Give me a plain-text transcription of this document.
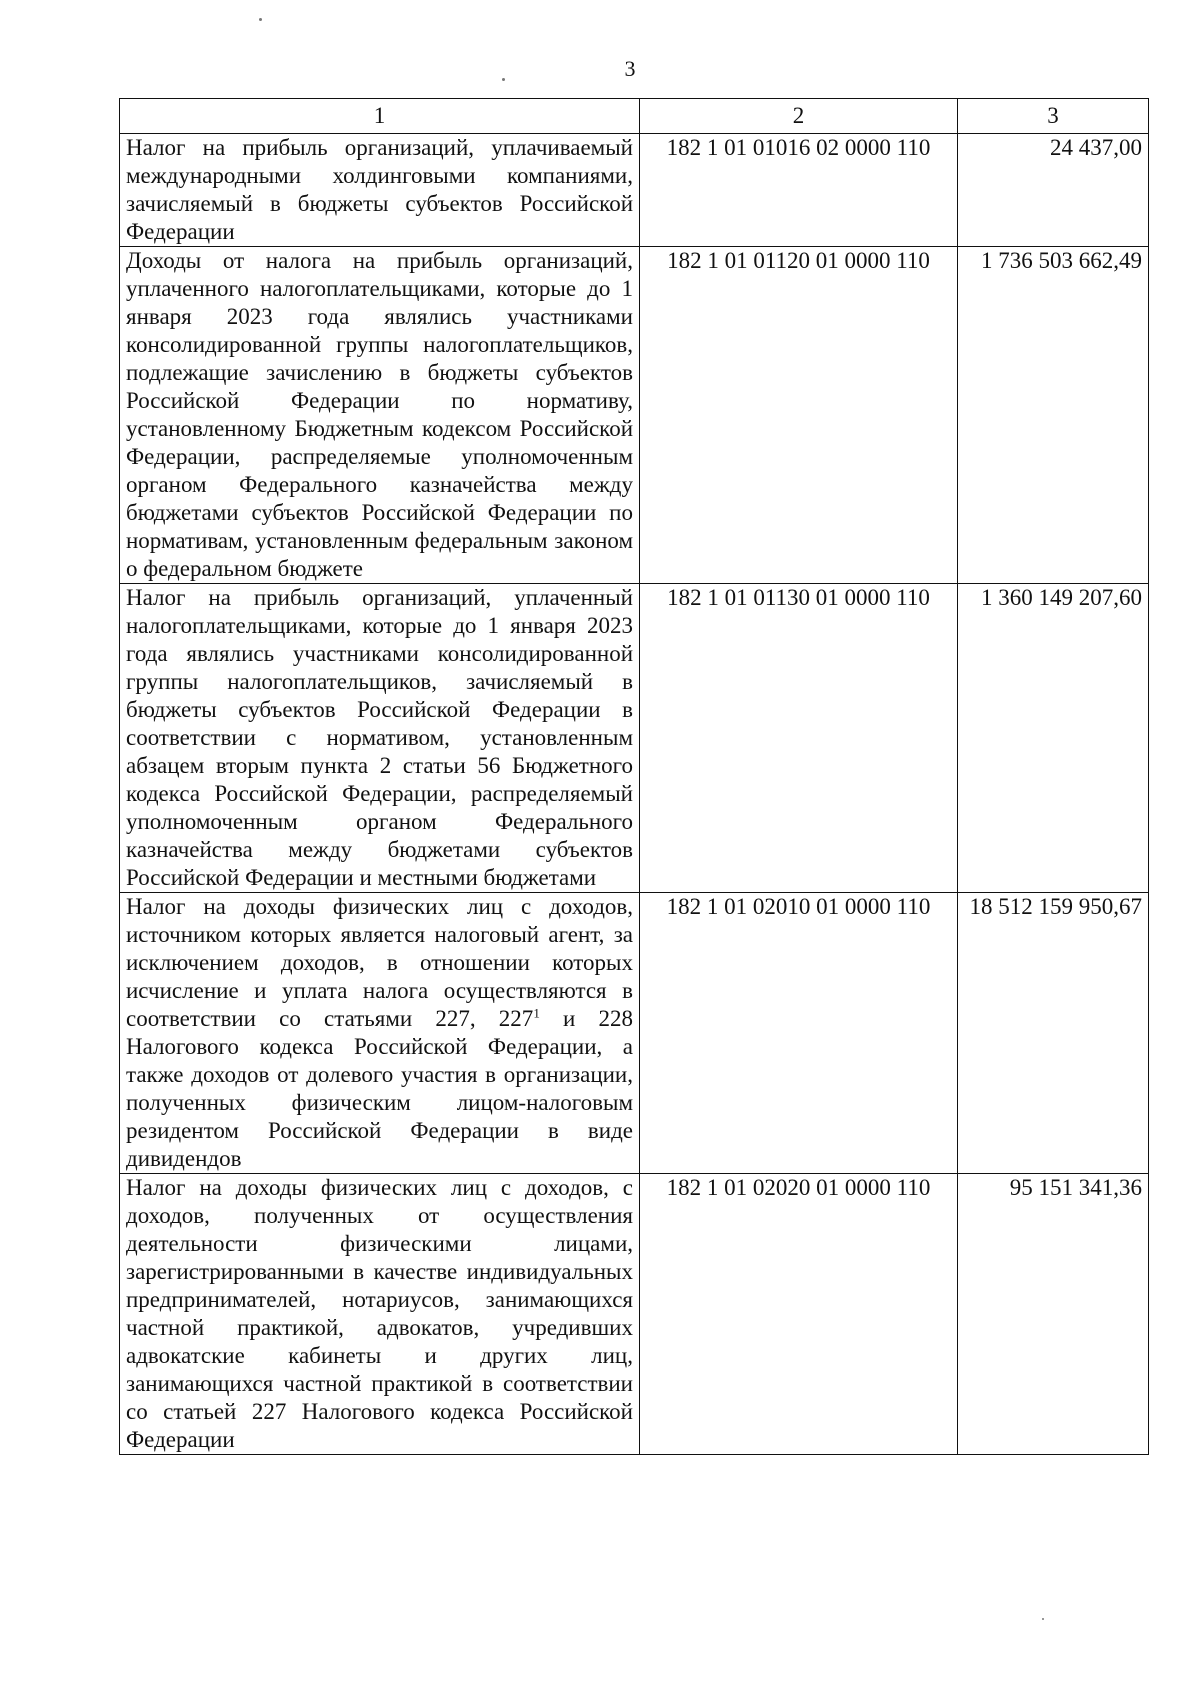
3
1	2	3
Налог на прибыль организаций, уплачиваемый международными холдинговыми компаниями, зачисляемый в бюджеты субъектов Российской Федерации	182 1 01 01016 02 0000 110	24 437,00
Доходы от налога на прибыль организаций, уплаченного налогоплательщиками, которые до 1 января 2023 года являлись участниками консолидированной группы налогоплательщиков, подлежащие зачислению в бюджеты субъектов Российской Федерации по нормативу, установленному Бюджетным кодексом Российской Федерации, распределяемые уполномоченным органом Федерального казначейства между бюджетами субъектов Российской Федерации по нормативам, установленным федеральным законом о федеральном бюджете	182 1 01 01120 01 0000 110	1 736 503 662,49
Налог на прибыль организаций, уплаченный налогоплательщиками, которые до 1 января 2023 года являлись участниками консолидированной группы налогоплательщиков, зачисляемый в бюджеты субъектов Российской Федерации в соответствии с нормативом, установленным абзацем вторым пункта 2 статьи 56 Бюджетного кодекса Российской Федерации, распределяемый уполномоченным органом Федерального казначейства между бюджетами субъектов Российской Федерации и местными бюджетами	182 1 01 01130 01 0000 110	1 360 149 207,60
Налог на доходы физических лиц с доходов, источником которых является налоговый агент, за исключением доходов, в отношении которых исчисление и уплата налога осуществляются в соответствии со статьями 227, 227$^1$ и 228 Налогового кодекса Российской Федерации, а также доходов от долевого участия в организации, полученных физическим лицом-налоговым резидентом Российской Федерации в виде дивидендов	182 1 01 02010 01 0000 110	18 512 159 950,67
Налог на доходы физических лиц с доходов, с доходов, полученных от осуществления деятельности физическими лицами, зарегистрированными в качестве индивидуальных предпринимателей, нотариусов, занимающихся частной практикой, адвокатов, учредивших адвокатские кабинеты и других лиц, занимающихся частной практикой в соответствии со статьей 227 Налогового кодекса Российской Федерации	182 1 01 02020 01 0000 110	95 151 341,36
